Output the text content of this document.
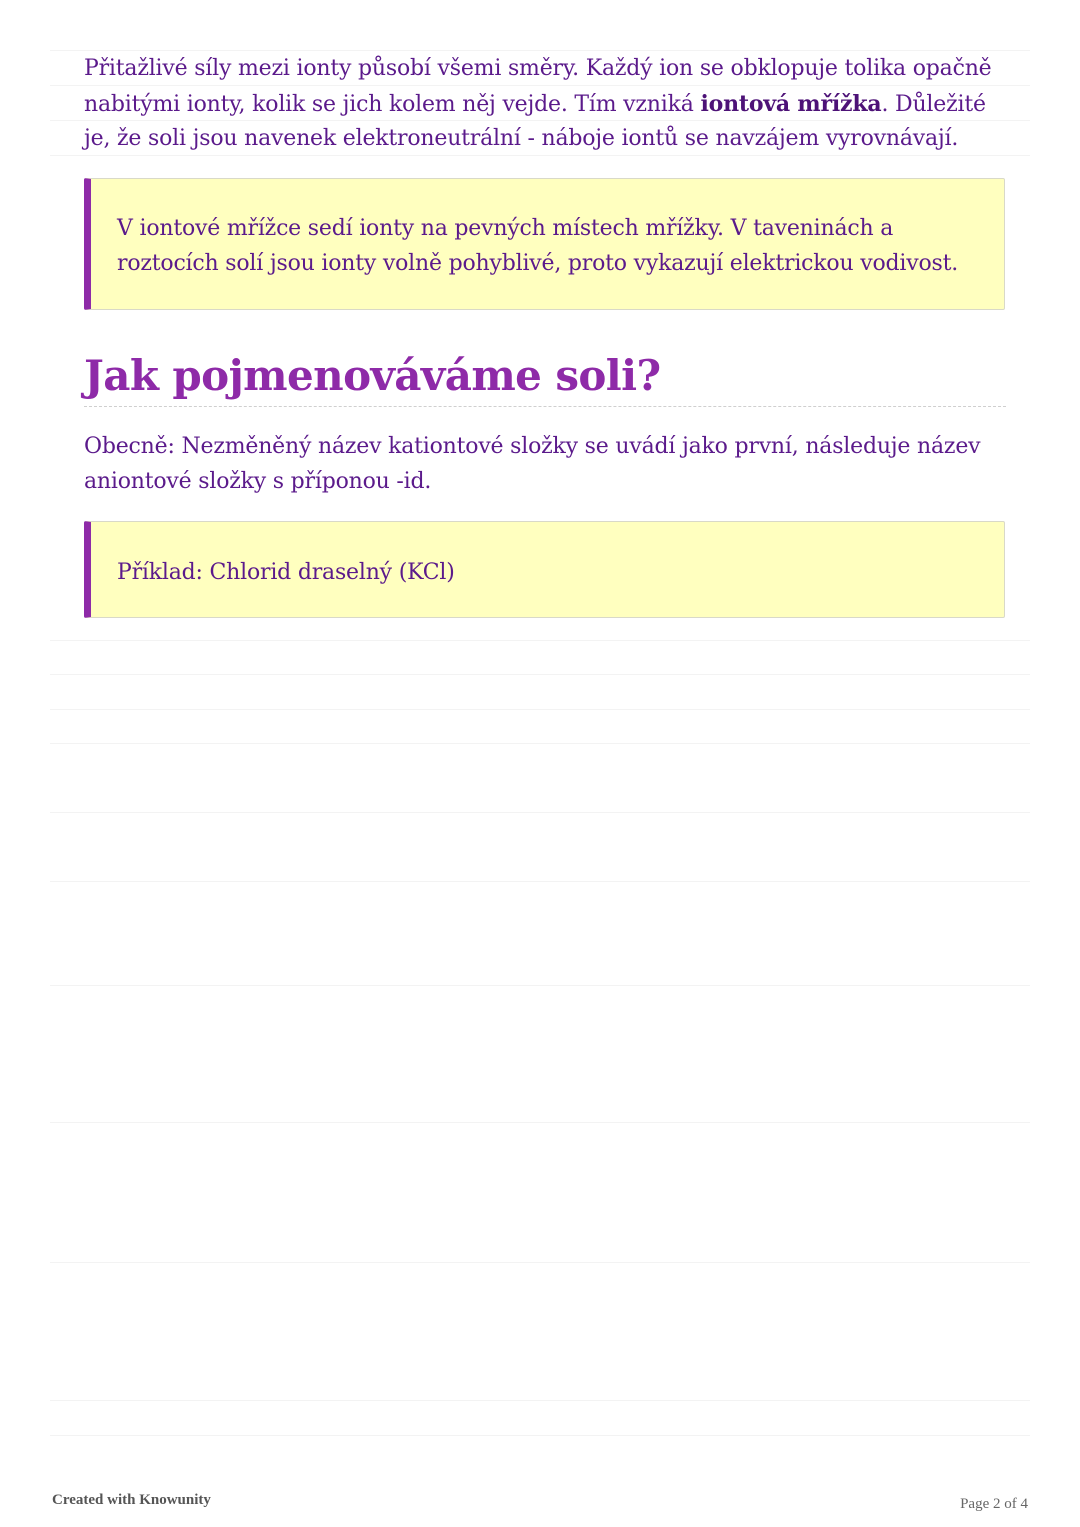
Přitažlivé síly mezi ionty působí všemi směry. Každý ion se obklopuje tolika opačně nabitými ionty, kolik se jich kolem něj vejde. Tím vzniká iontová mřížka. Důležité je, že soli jsou navenek elektroneutrální - náboje iontů se navzájem vyrovnávají.

V iontové mřížce sedí ionty na pevných místech mřížky. V taveninách a roztocích solí jsou ionty volně pohyblivé, proto vykazují elektrickou vodivost.

Jak pojmenováváme soli?

Obecně: Nezměněný název kationtové složky se uvádí jako první, následuje název aniontové složky s příponou -id.

Příklad: Chlorid draselný (KCl)

Created with Knowunity	Page 2 of 4
